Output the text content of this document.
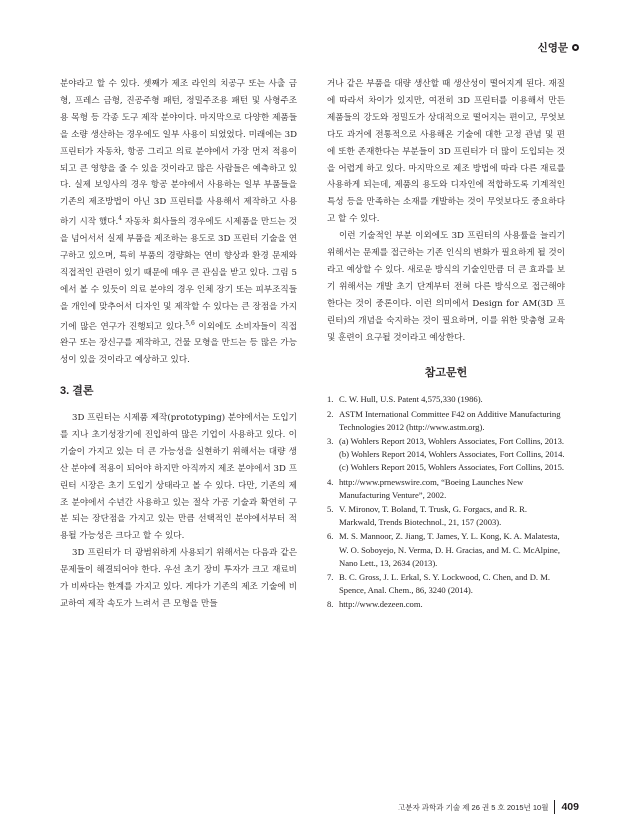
신영문

분야라고 할 수 있다. 셋째가 제조 라인의 치공구 또는 사출 금형, 프레스 금형, 진공주형 패턴, 정밀주조용 패턴 및 사형주조용 목형 등 각종 도구 제작 분야이다. 마지막으로 다양한 제품들을 소량 생산하는 경우에도 일부 사용이 되었었다. 미래에는 3D 프린터가 자동차, 항공 그리고 의료 분야에서 가장 먼저 적용이 되고 큰 영향을 줄 수 있을 것이라고 많은 사람들은 예측하고 있다. 실제 보잉사의 경우 항공 분야에서 사용하는 일부 부품들을 기존의 제조방법이 아닌 3D 프린터를 사용해서 제작하고 사용하기 시작 했다.$^4$ 자동차 회사들의 경우에도 시제품을 만드는 것을 넘어서서 실제 부품을 제조하는 용도로 3D 프린터 기술을 연구하고 있으며, 특히 부품의 경량화는 연비 향상과 환경 문제와 직접적인 관련이 있기 때문에 매우 큰 관심을 받고 있다. 그림 5에서 볼 수 있듯이 의료 분야의 경우 인체 장기 또는 피부조직들을 개인에 맞추어서 디자인 및 제작할 수 있다는 큰 장점을 가지기에 많은 연구가 진행되고 있다.$^{5,6}$ 이외에도 소비자들이 직접 완구 또는 장신구를 제작하고, 건물 모형을 만드는 등 많은 가능성이 있을 것이라고 예상하고 있다.

3. 결론

3D 프린터는 시제품 제작(prototyping) 분야에서는 도입기를 지나 초기성장기에 진입하여 많은 기업이 사용하고 있다. 이 기술이 가지고 있는 더 큰 가능성을 실현하기 위해서는 대량 생산 분야에 적용이 되어야 하지만 아직까지 제조 분야에서 3D 프린터 시장은 초기 도입기 상태라고 볼 수 있다. 다만, 기존의 제조 분야에서 수년간 사용하고 있는 절삭 가공 기술과 확연히 구분 되는 장단점을 가지고 있는 만큼 선택적인 분야에서부터 적용될 가능성은 크다고 할 수 있다.

3D 프린터가 더 광범위하게 사용되기 위해서는 다음과 같은 문제들이 해결되어야 한다. 우선 초기 장비 투자가 크고 재료비가 비싸다는 한계를 가지고 있다. 게다가 기존의 제조 기술에 비교하여 제작 속도가 느려서 큰 모형을 만들

거나 같은 부품을 대량 생산할 때 생산성이 떨어지게 된다. 재질에 따라서 차이가 있지만, 여전히 3D 프린터를 이용해서 만든 제품들의 강도와 정밀도가 상대적으로 떨어지는 편이고, 무엇보다도 과거에 전통적으로 사용해온 기술에 대한 고정 관념 및 편에 또한 존재한다는 부분들이 3D 프린터가 더 많이 도입되는 것을 어렵게 하고 있다. 마지막으로 제조 방법에 따라 다른 재료를 사용하게 되는데, 제품의 용도와 디자인에 적합하도록 기계적인 특성 등을 만족하는 소재를 개발하는 것이 무엇보다도 중요하다고 할 수 있다.

이런 기술적인 부분 이외에도 3D 프린터의 사용률을 늘리기 위해서는 문제를 접근하는 기존 인식의 변화가 필요하게 될 것이라고 예상할 수 있다. 새로운 방식의 기술인만큼 더 큰 효과를 보기 위해서는 개발 초기 단계부터 전혀 다른 방식으로 접근해야 한다는 것이 중론이다. 이런 의미에서 Design for AM(3D 프린터)의 개념을 숙지하는 것이 필요하며, 이를 위한 맞춤형 교육 및 훈련이 요구될 것이라고 예상한다.

참고문헌
1. C. W. Hull, U.S. Patent 4,575,330 (1986).
2. ASTM International Committee F42 on Additive Manufacturing Technologies 2012 (http://www.astm.org).
3. (a) Wohlers Report 2013, Wohlers Associates, Fort Collins, 2013. (b) Wohlers Report 2014, Wohlers Associates, Fort Collins, 2014. (c) Wohlers Report 2015, Wohlers Associates, Fort Collins, 2015.
4. http://www.prnewswire.com, “Boeing Launches New Manufacturing Venture”, 2002.
5. V. Mironov, T. Boland, T. Trusk, G. Forgacs, and R. R. Markwald, Trends Biotechnol., 21, 157 (2003).
6. M. S. Mannoor, Z. Jiang, T. James, Y. L. Kong, K. A. Malatesta, W. O. Soboyejo, N. Verma, D. H. Gracias, and M. C. McAlpine, Nano Lett., 13, 2634 (2013).
7. B. C. Gross, J. L. Erkal, S. Y. Lockwood, C. Chen, and D. M. Spence, Anal. Chem., 86, 3240 (2014).
8. http://www.dezeen.com.
고분자 과학과 기술 제 26 권 5 호 2015년 10월 409
